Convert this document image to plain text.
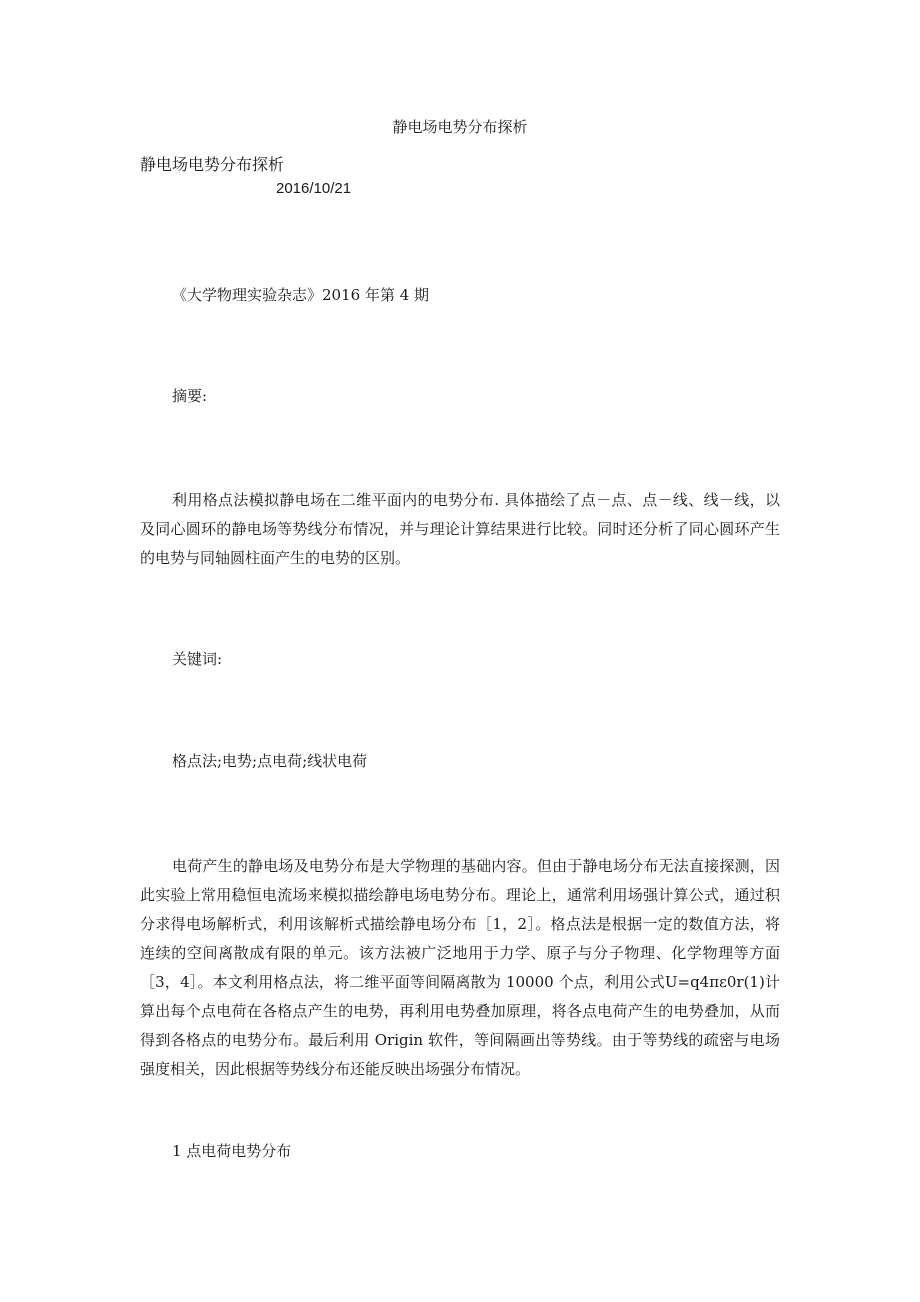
静电场电势分布探析
静电场电势分布探析
2016/10/21
《大学物理实验杂志》2016 年第 4 期
摘要:
利用格点法模拟静电场在二维平面内的电势分布. 具体描绘了点－点、点－线、线－线，以及同心圆环的静电场等势线分布情况，并与理论计算结果进行比较。同时还分析了同心圆环产生的电势与同轴圆柱面产生的电势的区别。
关键词:
格点法;电势;点电荷;线状电荷
电荷产生的静电场及电势分布是大学物理的基础内容。但由于静电场分布无法直接探测，因此实验上常用稳恒电流场来模拟描绘静电场电势分布。理论上，通常利用场强计算公式，通过积分求得电场解析式，利用该解析式描绘静电场分布［1，2］。格点法是根据一定的数值方法，将连续的空间离散成有限的单元。该方法被广泛地用于力学、原子与分子物理、化学物理等方面［3，4］。本文利用格点法，将二维平面等间隔离散为 10000 个点，利用公式U=q4πε0r(1)计算出每个点电荷在各格点产生的电势，再利用电势叠加原理，将各点电荷产生的电势叠加，从而得到各格点的电势分布。最后利用 Origin 软件，等间隔画出等势线。由于等势线的疏密与电场强度相关，因此根据等势线分布还能反映出场强分布情况。
1 点电荷电势分布
